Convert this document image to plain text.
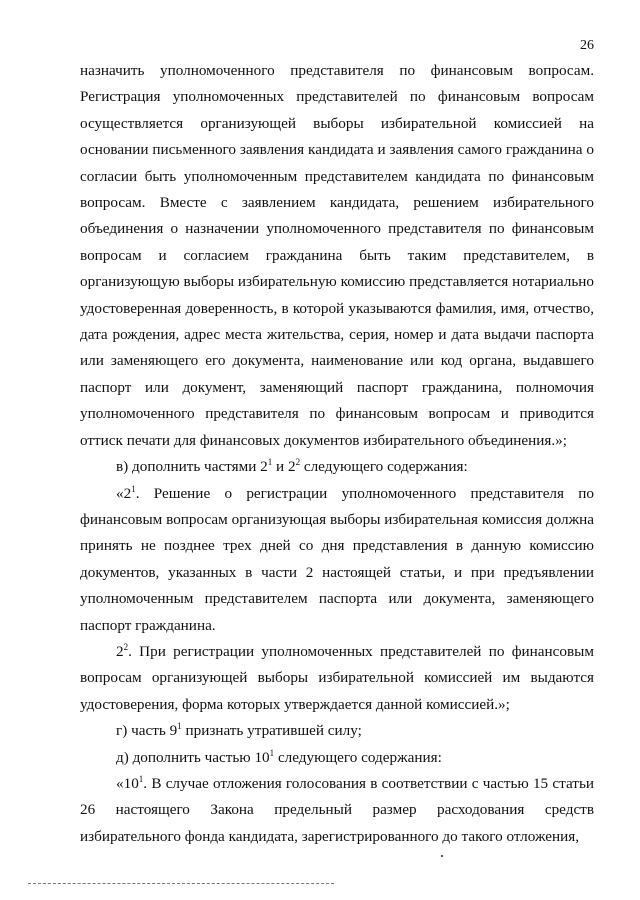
26

назначить уполномоченного представителя по финансовым вопросам. Регистрация уполномоченных представителей по финансовым вопросам осуществляется организующей выборы избирательной комиссией на основании письменного заявления кандидата и заявления самого гражданина о согласии быть уполномоченным представителем кандидата по финансовым вопросам. Вместе с заявлением кандидата, решением избирательного объединения о назначении уполномоченного представителя по финансовым вопросам и согласием гражданина быть таким представителем, в организующую выборы избирательную комиссию представляется нотариально удостоверенная доверенность, в которой указываются фамилия, имя, отчество, дата рождения, адрес места жительства, серия, номер и дата выдачи паспорта или заменяющего его документа, наименование или код органа, выдавшего паспорт или документ, заменяющий паспорт гражданина, полномочия уполномоченного представителя по финансовым вопросам и приводится оттиск печати для финансовых документов избирательного объединения.»;

в) дополнить частями $2^1$ и $2^2$ следующего содержания:

«$2^1$. Решение о регистрации уполномоченного представителя по финансовым вопросам организующая выборы избирательная комиссия должна принять не позднее трех дней со дня представления в данную комиссию документов, указанных в части 2 настоящей статьи, и при предъявлении уполномоченным представителем паспорта или документа, заменяющего паспорт гражданина.

$2^2$. При регистрации уполномоченных представителей по финансовым вопросам организующей выборы избирательной комиссией им выдаются удостоверения, форма которых утверждается данной комиссией.»;

г) часть $9^1$ признать утратившей силу;

д) дополнить частью $10^1$ следующего содержания:

«$10^1$. В случае отложения голосования в соответствии с частью 15 статьи 26 настоящего Закона предельный размер расходования средств избирательного фонда кандидата, зарегистрированного до такого отложения,
